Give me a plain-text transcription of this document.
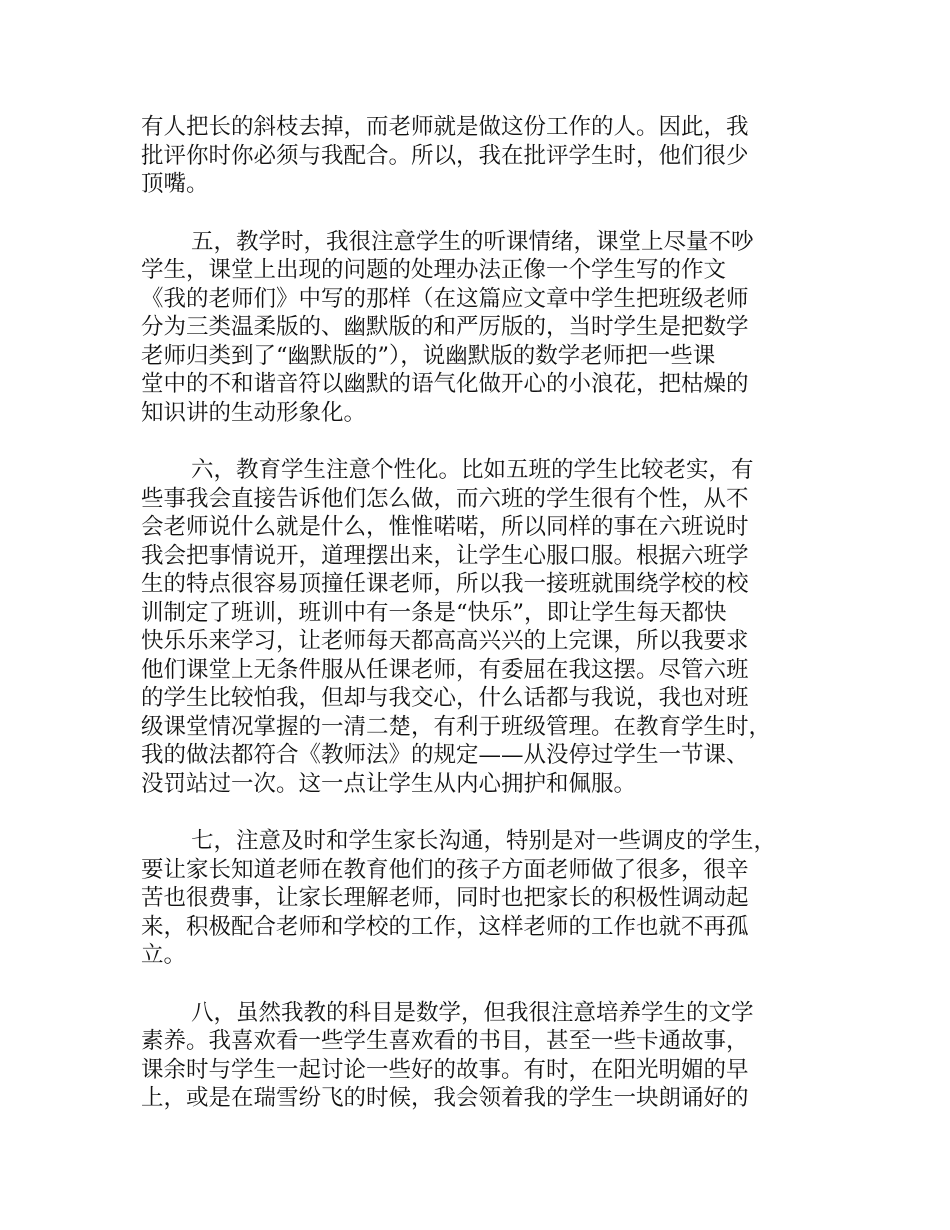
有人把长的斜枝去掉，而老师就是做这份工作的人。因此，我
批评你时你必须与我配合。所以，我在批评学生时，他们很少
顶嘴。
五，教学时，我很注意学生的听课情绪，课堂上尽量不吵
学生，课堂上出现的问题的处理办法正像一个学生写的作文
《我的老师们》中写的那样（在这篇应文章中学生把班级老师
分为三类温柔版的、幽默版的和严厉版的，当时学生是把数学
老师归类到了“幽默版的”），说幽默版的数学老师把一些课
堂中的不和谐音符以幽默的语气化做开心的小浪花，把枯燥的
知识讲的生动形象化。
六，教育学生注意个性化。比如五班的学生比较老实，有
些事我会直接告诉他们怎么做，而六班的学生很有个性，从不
会老师说什么就是什么，惟惟喏喏，所以同样的事在六班说时
我会把事情说开，道理摆出来，让学生心服口服。根据六班学
生的特点很容易顶撞任课老师，所以我一接班就围绕学校的校
训制定了班训，班训中有一条是“快乐”，即让学生每天都快
快乐乐来学习，让老师每天都高高兴兴的上完课，所以我要求
他们课堂上无条件服从任课老师，有委屈在我这摆。尽管六班
的学生比较怕我，但却与我交心，什么话都与我说，我也对班
级课堂情况掌握的一清二楚，有利于班级管理。在教育学生时，
我的做法都符合《教师法》的规定——从没停过学生一节课、
没罚站过一次。这一点让学生从内心拥护和佩服。
七，注意及时和学生家长沟通，特别是对一些调皮的学生，
要让家长知道老师在教育他们的孩子方面老师做了很多，很辛
苦也很费事，让家长理解老师，同时也把家长的积极性调动起
来，积极配合老师和学校的工作，这样老师的工作也就不再孤
立。
八，虽然我教的科目是数学，但我很注意培养学生的文学
素养。我喜欢看一些学生喜欢看的书目，甚至一些卡通故事，
课余时与学生一起讨论一些好的故事。有时，在阳光明媚的早
上，或是在瑞雪纷飞的时候，我会领着我的学生一块朗诵好的
